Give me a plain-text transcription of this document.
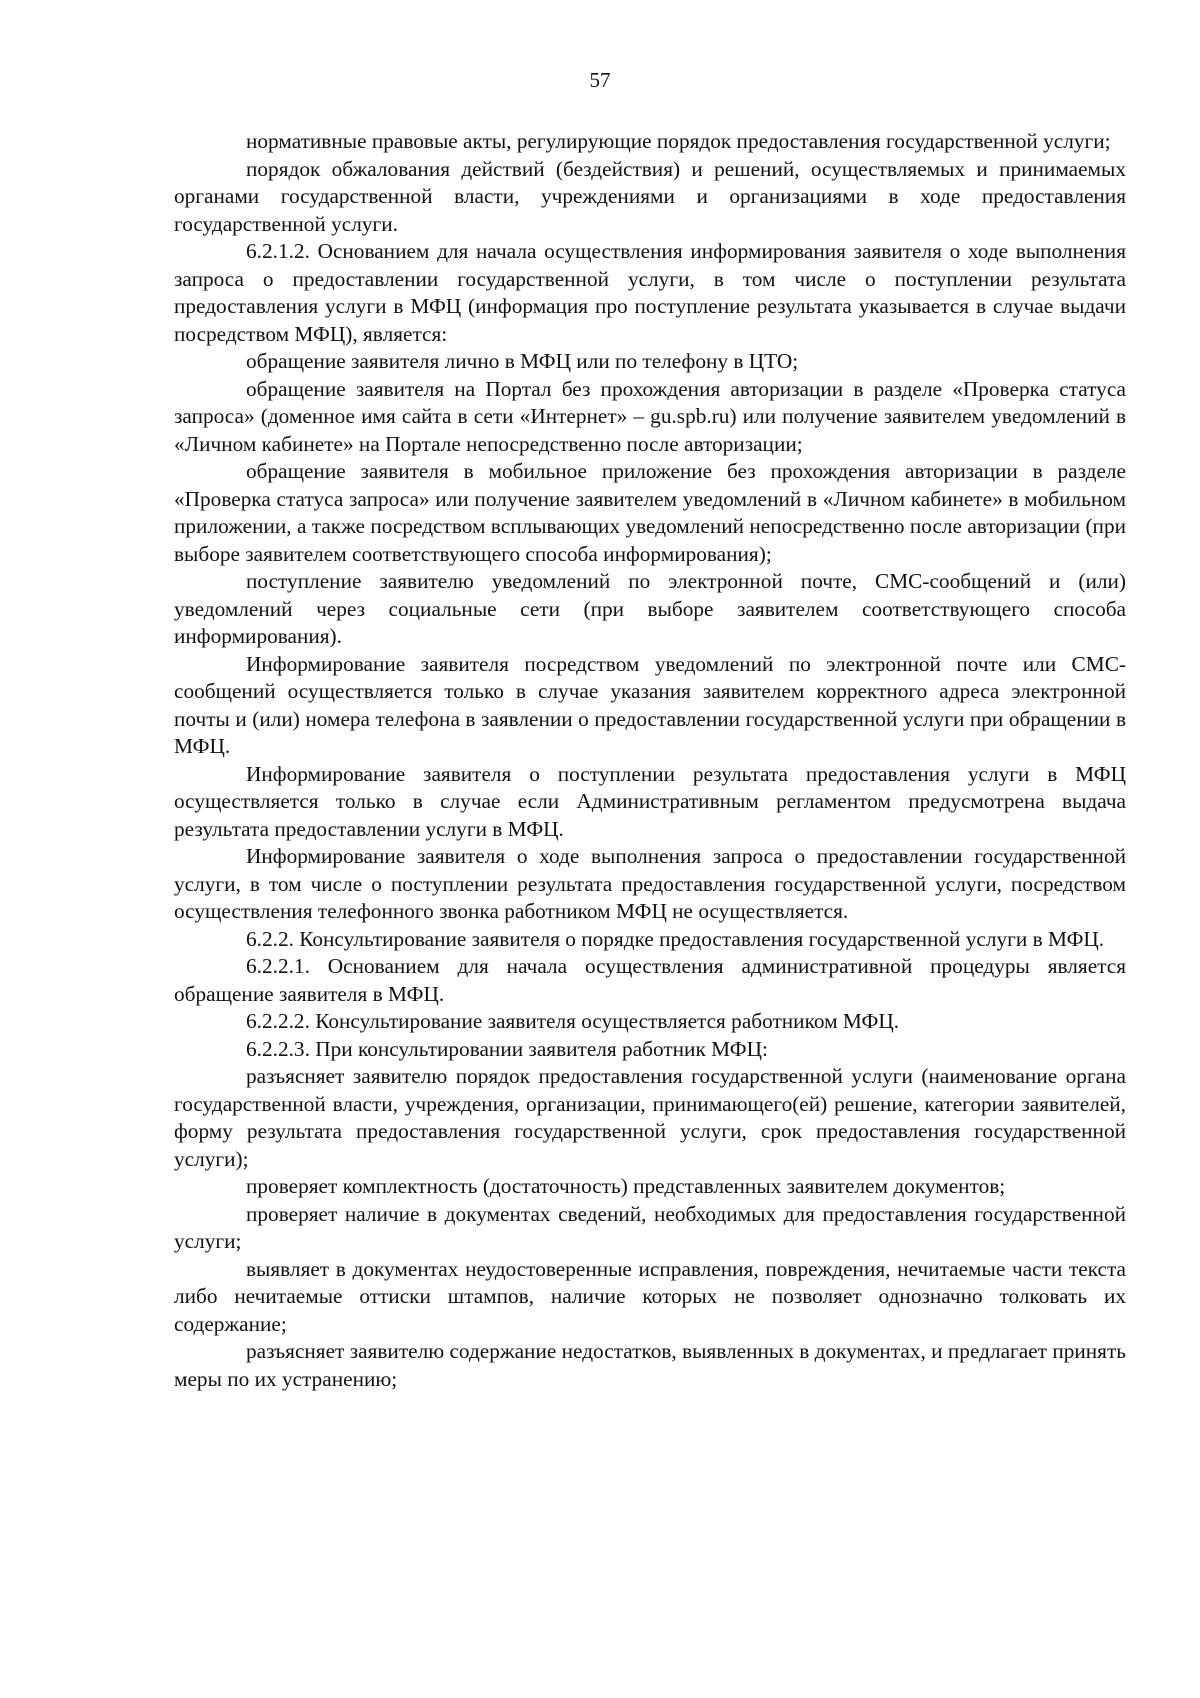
57

нормативные правовые акты, регулирующие порядок предоставления государственной услуги;

порядок обжалования действий (бездействия) и решений, осуществляемых и принимаемых органами государственной власти, учреждениями и организациями в ходе предоставления государственной услуги.

6.2.1.2. Основанием для начала осуществления информирования заявителя о ходе выполнения запроса о предоставлении государственной услуги, в том числе о поступлении результата предоставления услуги в МФЦ (информация про поступление результата указывается в случае выдачи посредством МФЦ), является:

обращение заявителя лично в МФЦ или по телефону в ЦТО;

обращение заявителя на Портал без прохождения авторизации в разделе «Проверка статуса запроса» (доменное имя сайта в сети «Интернет» – gu.spb.ru) или получение заявителем уведомлений в «Личном кабинете» на Портале непосредственно после авторизации;

обращение заявителя в мобильное приложение без прохождения авторизации в разделе «Проверка статуса запроса» или получение заявителем уведомлений в «Личном кабинете» в мобильном приложении, а также посредством всплывающих уведомлений непосредственно после авторизации (при выборе заявителем соответствующего способа информирования);

поступление заявителю уведомлений по электронной почте, СМС-сообщений и (или) уведомлений через социальные сети (при выборе заявителем соответствующего способа информирования).

Информирование заявителя посредством уведомлений по электронной почте или СМС-сообщений осуществляется только в случае указания заявителем корректного адреса электронной почты и (или) номера телефона в заявлении о предоставлении государственной услуги при обращении в МФЦ.

Информирование заявителя о поступлении результата предоставления услуги в МФЦ осуществляется только в случае если Административным регламентом предусмотрена выдача результата предоставлении услуги в МФЦ.

Информирование заявителя о ходе выполнения запроса о предоставлении государственной услуги, в том числе о поступлении результата предоставления государственной услуги, посредством осуществления телефонного звонка работником МФЦ не осуществляется.

6.2.2. Консультирование заявителя о порядке предоставления государственной услуги в МФЦ.

6.2.2.1. Основанием для начала осуществления административной процедуры является обращение заявителя в МФЦ.

6.2.2.2. Консультирование заявителя осуществляется работником МФЦ.

6.2.2.3. При консультировании заявителя работник МФЦ:

разъясняет заявителю порядок предоставления государственной услуги (наименование органа государственной власти, учреждения, организации, принимающего(ей) решение, категории заявителей, форму результата предоставления государственной услуги, срок предоставления государственной услуги);

проверяет комплектность (достаточность) представленных заявителем документов;

проверяет наличие в документах сведений, необходимых для предоставления государственной услуги;

выявляет в документах неудостоверенные исправления, повреждения, нечитаемые части текста либо нечитаемые оттиски штампов, наличие которых не позволяет однозначно толковать их содержание;

разъясняет заявителю содержание недостатков, выявленных в документах, и предлагает принять меры по их устранению;
